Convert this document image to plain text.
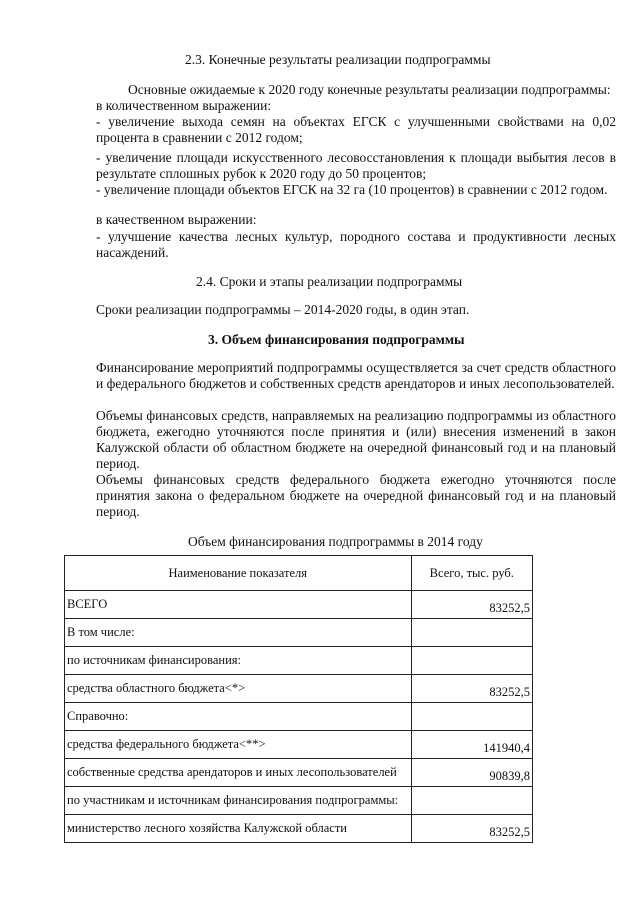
2.3. Конечные результаты реализации подпрограммы
Основные ожидаемые к 2020 году конечные результаты реализации подпрограммы:
в количественном выражении:
- увеличение выхода семян на объектах ЕГСК с улучшенными свойствами на 0,02 процента в сравнении с 2012 годом;
- увеличение площади искусственного лесовосстановления к площади выбытия лесов в результате сплошных рубок к 2020 году до 50 процентов;
- увеличение площади объектов ЕГСК на 32 га (10 процентов) в сравнении с 2012 годом.
в качественном выражении:
- улучшение качества лесных культур, породного состава и продуктивности лесных насаждений.
2.4. Сроки и этапы реализации подпрограммы
Сроки реализации подпрограммы – 2014-2020 годы, в один этап.
3. Объем финансирования подпрограммы
Финансирование мероприятий подпрограммы осуществляется за счет средств областного и федерального бюджетов и собственных средств арендаторов и иных лесопользователей.
Объемы финансовых средств, направляемых на реализацию подпрограммы из областного бюджета, ежегодно уточняются после принятия и (или) внесения изменений в закон Калужской области об областном бюджете на очередной финансовый год и на плановый период.
Объемы финансовых средств федерального бюджета ежегодно уточняются после принятия закона о федеральном бюджете на очередной финансовый год и на плановый период.
Объем финансирования подпрограммы в 2014 году
Наименование показателя	Всего, тыс. руб.
ВСЕГО	83252,5
В том числе:	
по источникам финансирования:	
средства областного бюджета<*>	83252,5
Справочно:	
средства федерального бюджета<**>	141940,4
собственные средства арендаторов и иных лесопользователей	90839,8
по участникам и источникам финансирования подпрограммы:	
министерство лесного хозяйства Калужской области	83252,5
